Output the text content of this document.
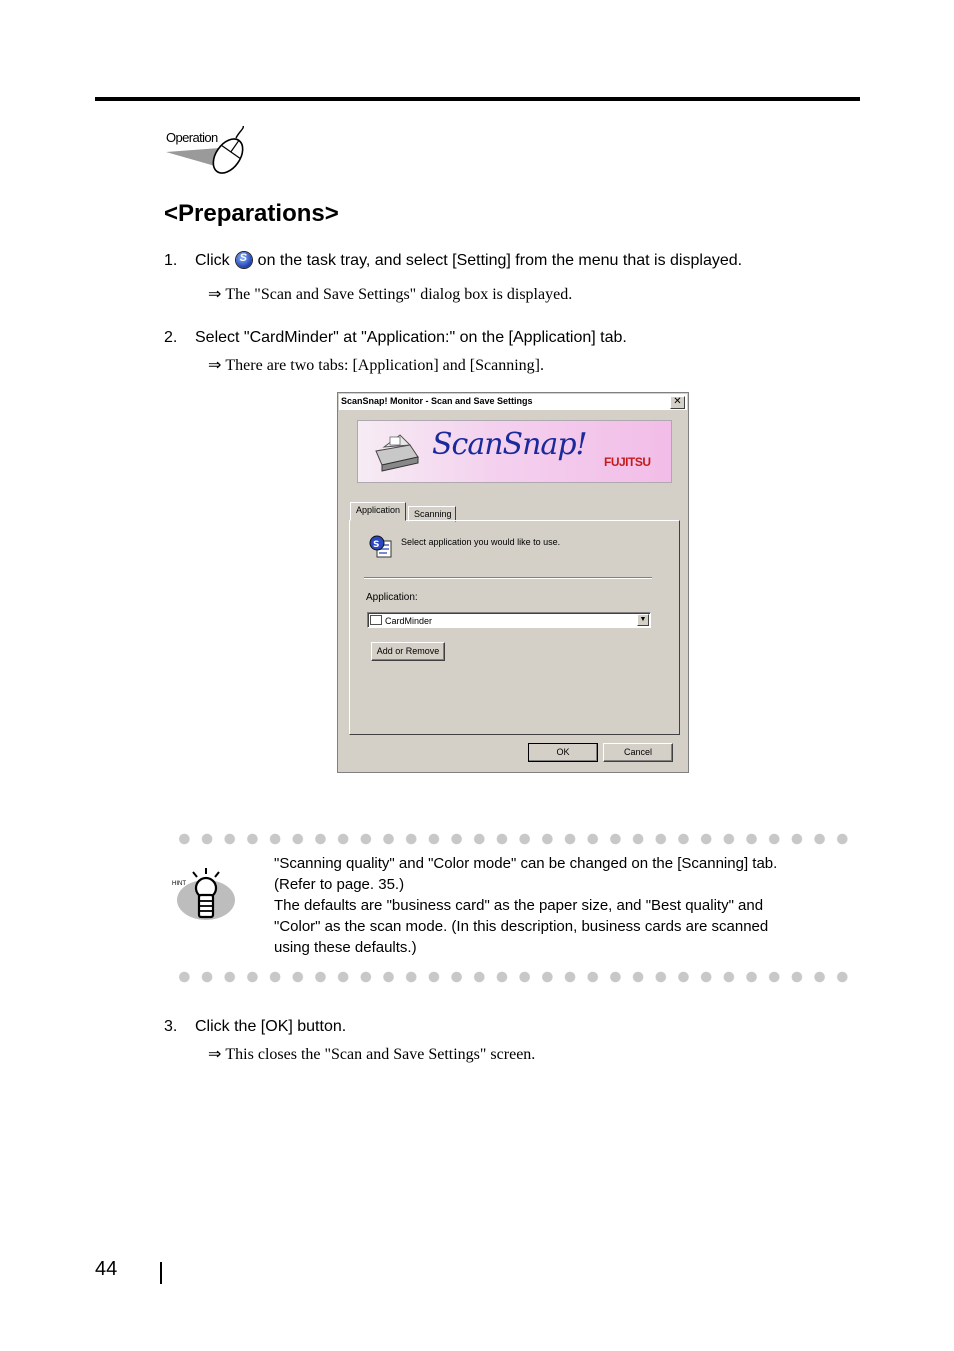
Operation
<Preparations>
1. ClickS on the task tray, and select [Setting] from the menu that is displayed.
⇒ The "Scan and Save Settings" dialog box is displayed.
2. Select "CardMinder" at "Application:" on the [Application] tab.
⇒ There are two tabs: [Application] and [Scanning].
ScanSnap! Monitor - Scan and Save Settings	✕
ScanSnap! FUJITSU
Application	Scanning
S Select application you would like to use.
Application:
CardMinder	▼
Add or Remove
OK	Cancel
HINT
"Scanning quality" and "Color mode" can be changed on the [Scanning] tab.
(Refer to page. 35.)
The defaults are "business card" as the paper size, and "Best quality" and
"Color" as the scan mode. (In this description, business cards are scanned
using these defaults.)
3. Click the [OK] button.
⇒ This closes the "Scan and Save Settings" screen.
44
